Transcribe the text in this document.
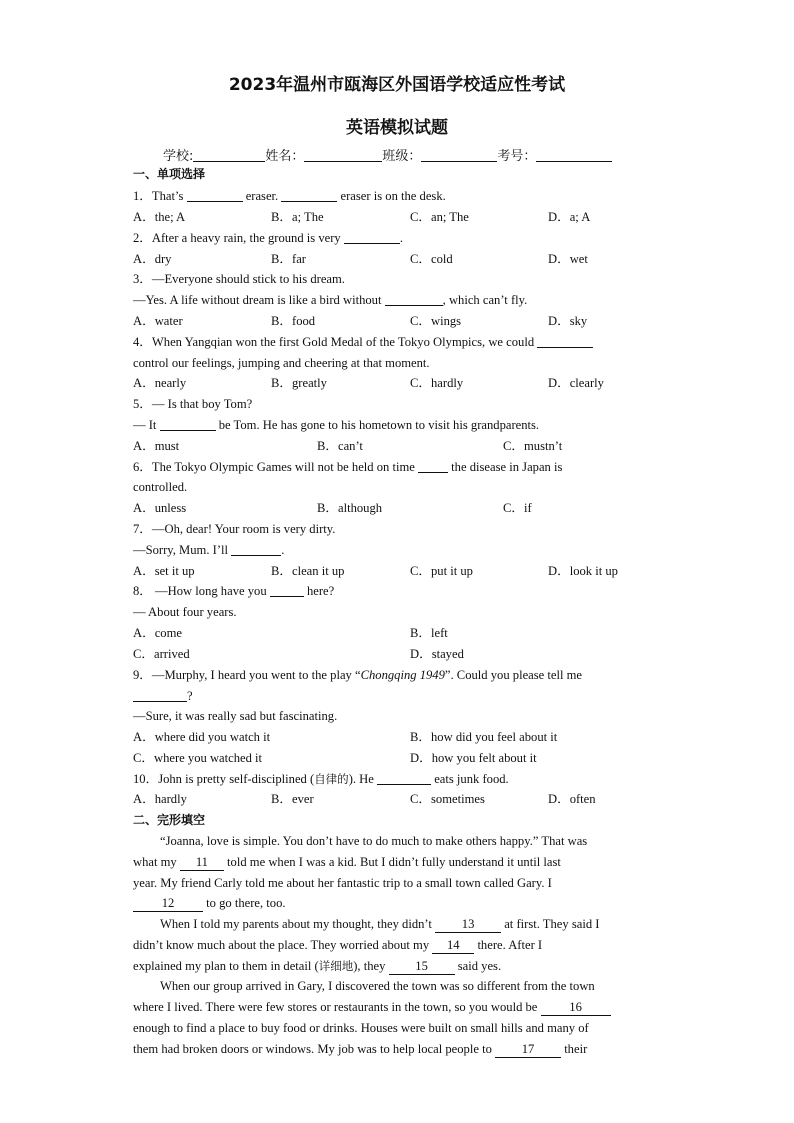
2023年温州市瓯海区外国语学校适应性考试
英语模拟试题
学校:	姓名：	班级：	考号：
一、单项选择
1．That’s	eraser.	eraser is on the desk.
A．the; A	B．a; The	C．an; The	D．a; A
2．After a heavy rain, the ground is very	.
A．dry	B．far	C．cold	D．wet
3．—Everyone should stick to his dream.
—Yes. A life without dream is like a bird without	, which can’t fly.
A．water	B．food	C．wings	D．sky
4．When Yangqian won the first Gold Medal of the Tokyo Olympics, we could
control our feelings, jumping and cheering at that moment.
A．nearly	B．greatly	C．hardly	D．clearly
5．— Is that boy Tom?
— It	be Tom. He has gone to his hometown to visit his grandparents.
A．must	B．can’t	C．mustn’t
6．The Tokyo Olympic Games will not be held on time	the disease in Japan is
controlled.
A．unless	B．although	C．if
7．—Oh, dear! Your room is very dirty.
—Sorry, Mum. I’ll	.
A．set it up	B．clean it up	C．put it up	D．look it up
8． —How long have you	here?
— About four years.
A．come	B．left
C．arrived	D．stayed
9．—Murphy, I heard you went to the play “Chongqing 1949”. Could you please tell me
?
—Sure, it was really sad but fascinating.
A．where did you watch it	B．how did you feel about it
C．where you watched it	D．how you felt about it
10．John is pretty self-disciplined (自律的). He	eats junk food.
A．hardly	B．ever	C．sometimes	D．often
二、完形填空
“Joanna, love is simple. You don’t have to do much to make others happy.” That was
what my 11 told me when I was a kid. But I didn’t fully understand it until last
year. My friend Carly told me about her fantastic trip to a small town called Gary. I
12	to go there, too.
When I told my parents about my thought, they didn’t 13 at first. They said I
didn’t know much about the place. They worried about my 14 there. After I
explained my plan to them in detail (详细地), they 15 said yes.
When our group arrived in Gary, I discovered the town was so different from the town
where I lived. There were few stores or restaurants in the town, so you would be	16
enough to find a place to buy food or drinks. Houses were built on small hills and many of
them had broken doors or windows. My job was to help local people to 17 their
